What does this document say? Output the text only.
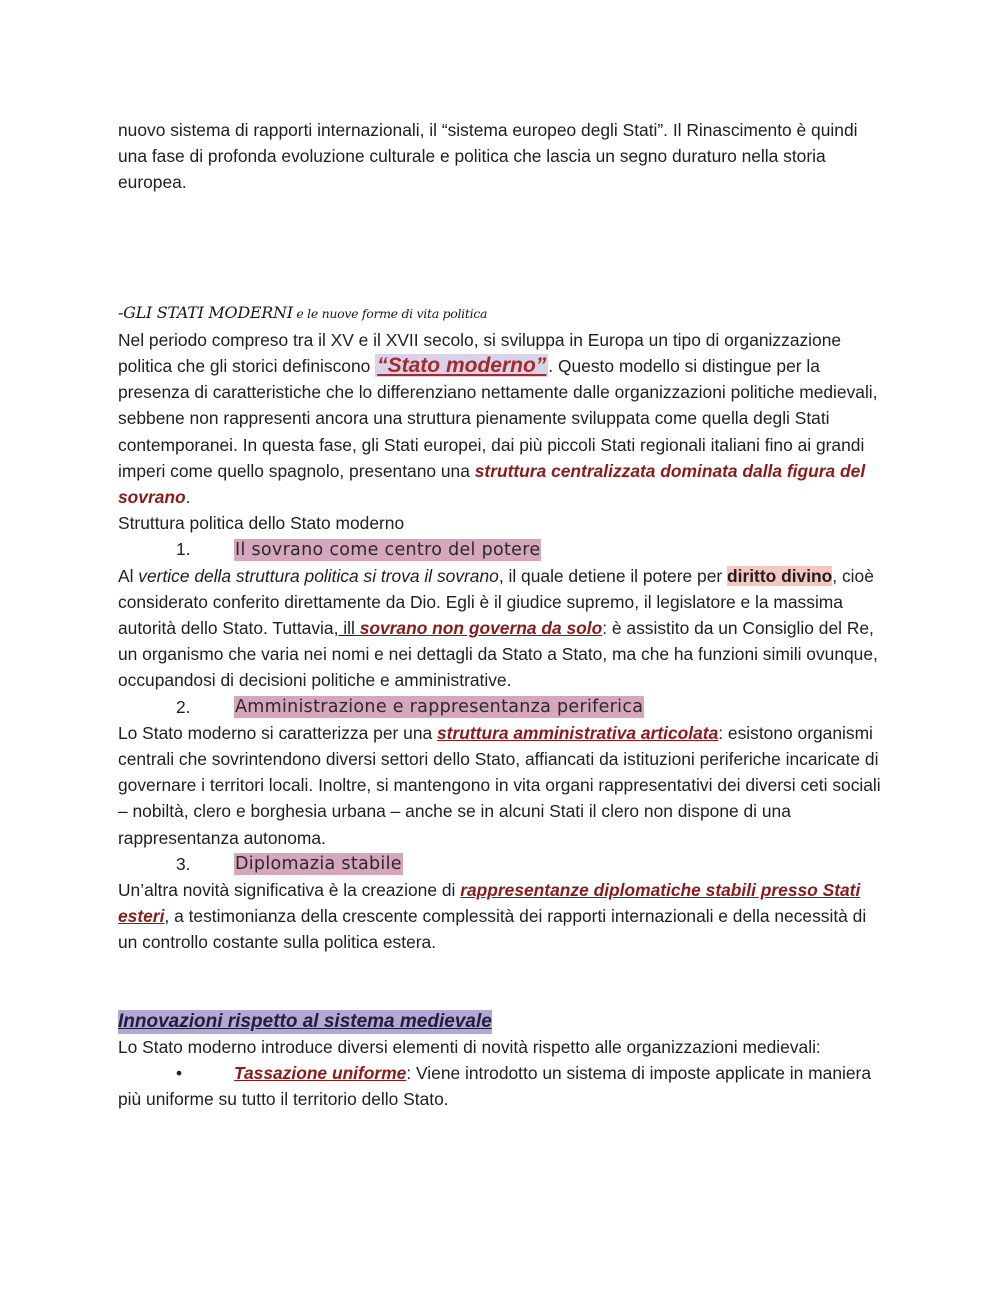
nuovo sistema di rapporti internazionali, il “sistema europeo degli Stati”. Il Rinascimento è quindi una fase di profonda evoluzione culturale e politica che lascia un segno duraturo nella storia europea.

-GLI STATI MODERNI e le nuove forme di vita politica

Nel periodo compreso tra il XV e il XVII secolo, si sviluppa in Europa un tipo di organizzazione politica che gli storici definiscono “Stato moderno” . Questo modello si distingue per la presenza di caratteristiche che lo differenziano nettamente dalle organizzazioni politiche medievali, sebbene non rappresenti ancora una struttura pienamente sviluppata come quella degli Stati contemporanei. In questa fase, gli Stati europei, dai più piccoli Stati regionali italiani fino ai grandi imperi come quello spagnolo, presentano una struttura centralizzata dominata dalla figura del sovrano.

Struttura politica dello Stato moderno

1.	Il sovrano come centro del potere

Al vertice della struttura politica si trova il sovrano, il quale detiene il potere per diritto divino, cioè considerato conferito direttamente da Dio. Egli è il giudice supremo, il legislatore e la massima autorità dello Stato. Tuttavia, ill sovrano non governa da solo: è assistito da un Consiglio del Re, un organismo che varia nei nomi e nei dettagli da Stato a Stato, ma che ha funzioni simili ovunque, occupandosi di decisioni politiche e amministrative.

2.	Amministrazione e rappresentanza periferica

Lo Stato moderno si caratterizza per una struttura amministrativa articolata: esistono organismi centrali che sovrintendono diversi settori dello Stato, affiancati da istituzioni periferiche incaricate di governare i territori locali. Inoltre, si mantengono in vita organi rappresentativi dei diversi ceti sociali – nobiltà, clero e borghesia urbana – anche se in alcuni Stati il clero non dispone di una rappresentanza autonoma.

3.	Diplomazia stabile

Un’altra novità significativa è la creazione di rappresentanze diplomatiche stabili presso Stati esteri, a testimonianza della crescente complessità dei rapporti internazionali e della necessità di un controllo costante sulla politica estera.

Innovazioni rispetto al sistema medievale

Lo Stato moderno introduce diversi elementi di novità rispetto alle organizzazioni medievali:

•	Tassazione uniforme: Viene introdotto un sistema di imposte applicate in maniera più uniforme su tutto il territorio dello Stato.
